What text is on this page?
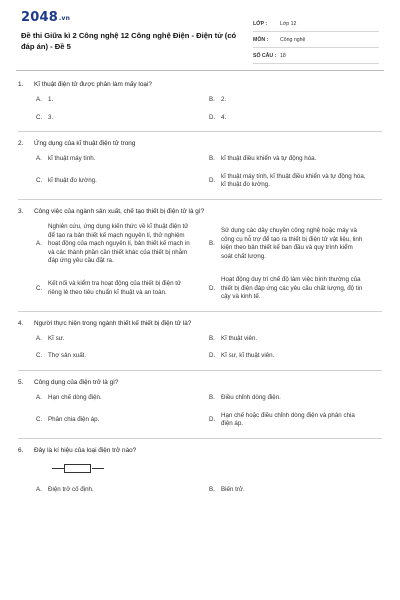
2048.vn
Đề thi Giữa kì 2 Công nghệ 12 Công nghệ Điện - Điện tử (có đáp án) - Đề 5
LỚP :	Lớp 12
MÔN :	Công nghệ
SỐ CÂU : 18
1.	Kĩ thuật điện tử được phân làm mấy loại?
A. 1.	B. 2.
C. 3.	D. 4.
2.	Ứng dụng của kĩ thuật điện tử trong
A. kĩ thuật máy tính.	B. kĩ thuật điều khiển và tự động hóa.
C. kĩ thuật đo lường.	D.
kĩ thuật máy tính, kĩ thuật điều khiển và tự động hóa, kĩ thuật đo lường.
3.	Công việc của ngành sản xuất, chế tạo thiết bị điện tử là gì?
A.
Nghiên cứu, ứng dụng kiến thức về kĩ thuật điện tử để tạo ra bản thiết kế mạch nguyên lí, thử nghiệm hoạt động của mạch nguyên lí, bản thiết kế mạch in và các thành phần cần thiết khác của thiết bị nhằm đáp ứng yêu cầu đặt ra.
B.
Sử dụng các dây chuyền công nghệ hoặc máy và công cụ hỗ trợ để tạo ra thiết bị điện tử vật liệu, linh kiện theo bản thiết kế ban đầu và quy trình kiểm soát chất lượng.
C.
Kết nối và kiểm tra hoạt động của thiết bị điện tử riêng lẻ theo tiêu chuẩn kĩ thuật và an toàn.
D.
Hoạt động duy trì chế độ làm việc bình thường của thiết bị điện đáp ứng các yêu cầu chất lượng, độ tin cậy và kinh tế.
4.	Người thực hiện trong ngành thiết kế thiết bị điện tử là?
A. Kĩ sư.	B. Kĩ thuật viên.
C. Thợ sản xuất.	D. Kĩ sư, kĩ thuật viên.
5.	Công dụng của điện trở là gì?
A. Hạn chế dòng điện.	B. Điều chỉnh dòng điện.
C. Phân chia điện áp.	D.
Hạn chế hoặc điều chỉnh dòng điện và phân chia điện áp.
6.	Đây là kí hiệu của loại điện trở nào?
A. Điện trở cố định.	B. Biến trở.
